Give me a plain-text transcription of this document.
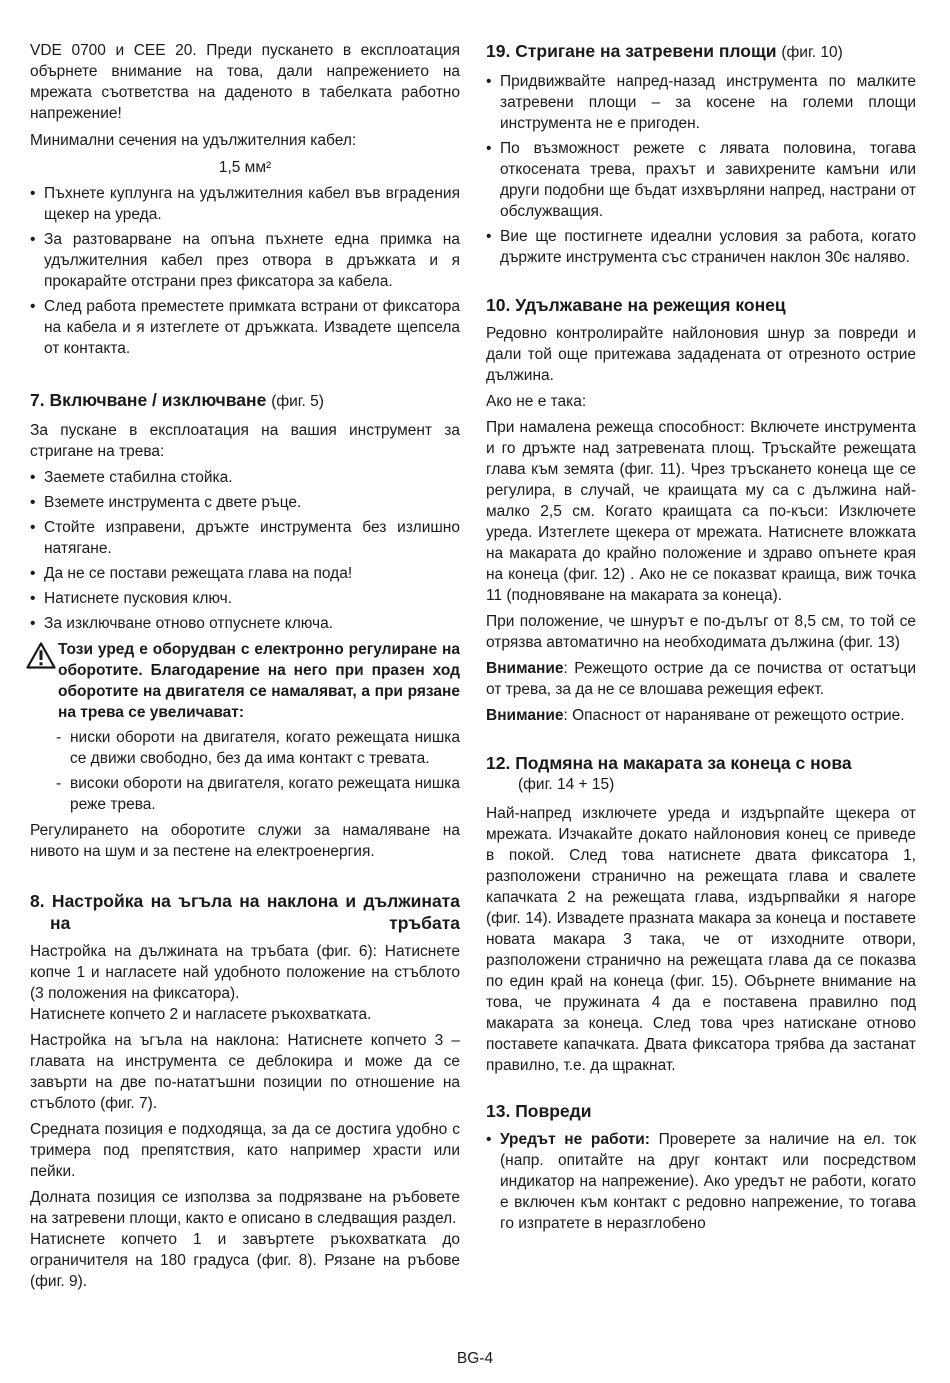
VDE 0700 и CEE 20. Преди пускането в експлоатация обърнете внимание на това, дали напрежението на мрежата съответства на даденото в табелката работно напрежение!

Минимални сечения на удължителния кабел:

1,5 мм²

• Пъхнете куплунга на удължителния кабел във вградения щекер на уреда.
• За разтоварване на опъна пъхнете една примка на удължителния кабел през отвора в дръжката и я прокарайте отстрани през фиксатора за кабела.
• След работа преместете примката встрани от фиксатора на кабела и я изтеглете от дръжката. Извадете щепсела от контакта.
7. Включване / изключване (фиг. 5)

За пускане в експлоатация на вашия инструмент за стригане на трева:

• Заемете стабилна стойка.
• Вземете инструмента с двете ръце.
• Стойте изправени, дръжте инструмента без излишно натягане.
• Да не се постави режещата глава на пода!
• Натиснете пусковия ключ.
• За изключване отново отпуснете ключа.
Този уред е оборудван с електронно регулиране на оборотите. Благодарение на него при празен ход оборотите на двигателя се намаляват, а при рязане на трева се увеличават:
- ниски обороти на двигателя, когато режещата нишка се движи свободно, без да има контакт с тревата.
- високи обороти на двигателя, когато режещата нишка реже трева.

Регулирането на оборотите служи за намаляване на нивото на шум и за пестене на електроенергия.

8. Настройка на ъгъла на наклона и дължината на тръбата

Настройка на дължината на тръбата (фиг. 6): Натиснете копче 1 и нагласете най удобното положение на стъблото (3 положения на фиксатора).

Натиснете копчето 2 и нагласете ръкохватката.

Настройка на ъгъла на наклона: Натиснете копчето 3 – главата на инструмента се деблокира и може да се завърти на две по-нататъшни позиции по отношение на стъблото (фиг. 7).

Средната позиция е подходяща, за да се достига удобно с тримера под препятствия, като например храсти или пейки.

Долната позиция се използва за подрязване на ръбовете на затревени площи, както е описано в следващия раздел.

Натиснете копчето 1 и завъртете ръкохватката до ограничителя на 180 градуса (фиг. 8). Рязане на ръбове (фиг. 9).

19. Стригане на затревени площи (фиг. 10)
• Придвижвайте напред-назад инструмента по малките затревени площи – за косене на големи площи инструмента не е пригоден.
• По възможност режете с лявата половина, тогава откосената трева, прахът и завихрените камъни или други подобни ще бъдат изхвърляни напред, настрани от обслужващия.
• Вие ще постигнете идеални условия за работа, когато държите инструмента със страничен наклон 30є наляво.
10. Удължаване на режещия конец

Редовно контролирайте найлоновия шнур за повреди и дали той още притежава зададената от отрезното острие дължина.

Ако не е така:

При намалена режеща способност: Включете инструмента и го дръжте над затревената площ. Тръскайте режещата глава към земята (фиг. 11). Чрез тръскането конеца ще се регулира, в случай, че краищата му са с дължина най-малко 2,5 см. Когато краищата са по-къси: Изключете уреда. Изтеглете щекера от мрежата. Натиснете вложката на макарата до крайно положение и здраво опънете края на конеца (фиг. 12) . Ако не се показват краища, виж точка 11 (подновяване на макарата за конеца).

При положение, че шнурът е по-дълъг от 8,5 см, то той се отрязва автоматично на необходимата дължина (фиг. 13)

Внимание: Режещото острие да се почиства от остатъци от трева, за да не се влошава режещия ефект.

Внимание: Опасност от нараняване от режещото острие.

12. Подмяна на макарата за конеца с нова
(фиг. 14 + 15)

Най-напред изключете уреда и издърпайте щекера от мрежата. Изчакайте докато найлоновия конец се приведе в покой. След това натиснете двата фиксатора 1, разположени странично на режещата глава и свалете капачката 2 на режещата глава, издърпвайки я нагоре (фиг. 14). Извадете празната макара за конеца и поставете новата макара 3 така, че от изходните отвори, разположени странично на режещата глава да се показва по един край на конеца (фиг. 15). Обърнете внимание на това, че пружината 4 да е поставена правилно под макарата за конеца. След това чрез натискане отново поставете капачката. Двата фиксатора трябва да застанат правилно, т.е. да щракнат.

13. Повреди
• Уредът не работи: Проверете за наличие на ел. ток (напр. опитайте на друг контакт или посредством индикатор на напрежение). Ако уредът не работи, когато е включен към контакт с редовно напрежение, то тогава го изпратете в неразглобено
BG-4
